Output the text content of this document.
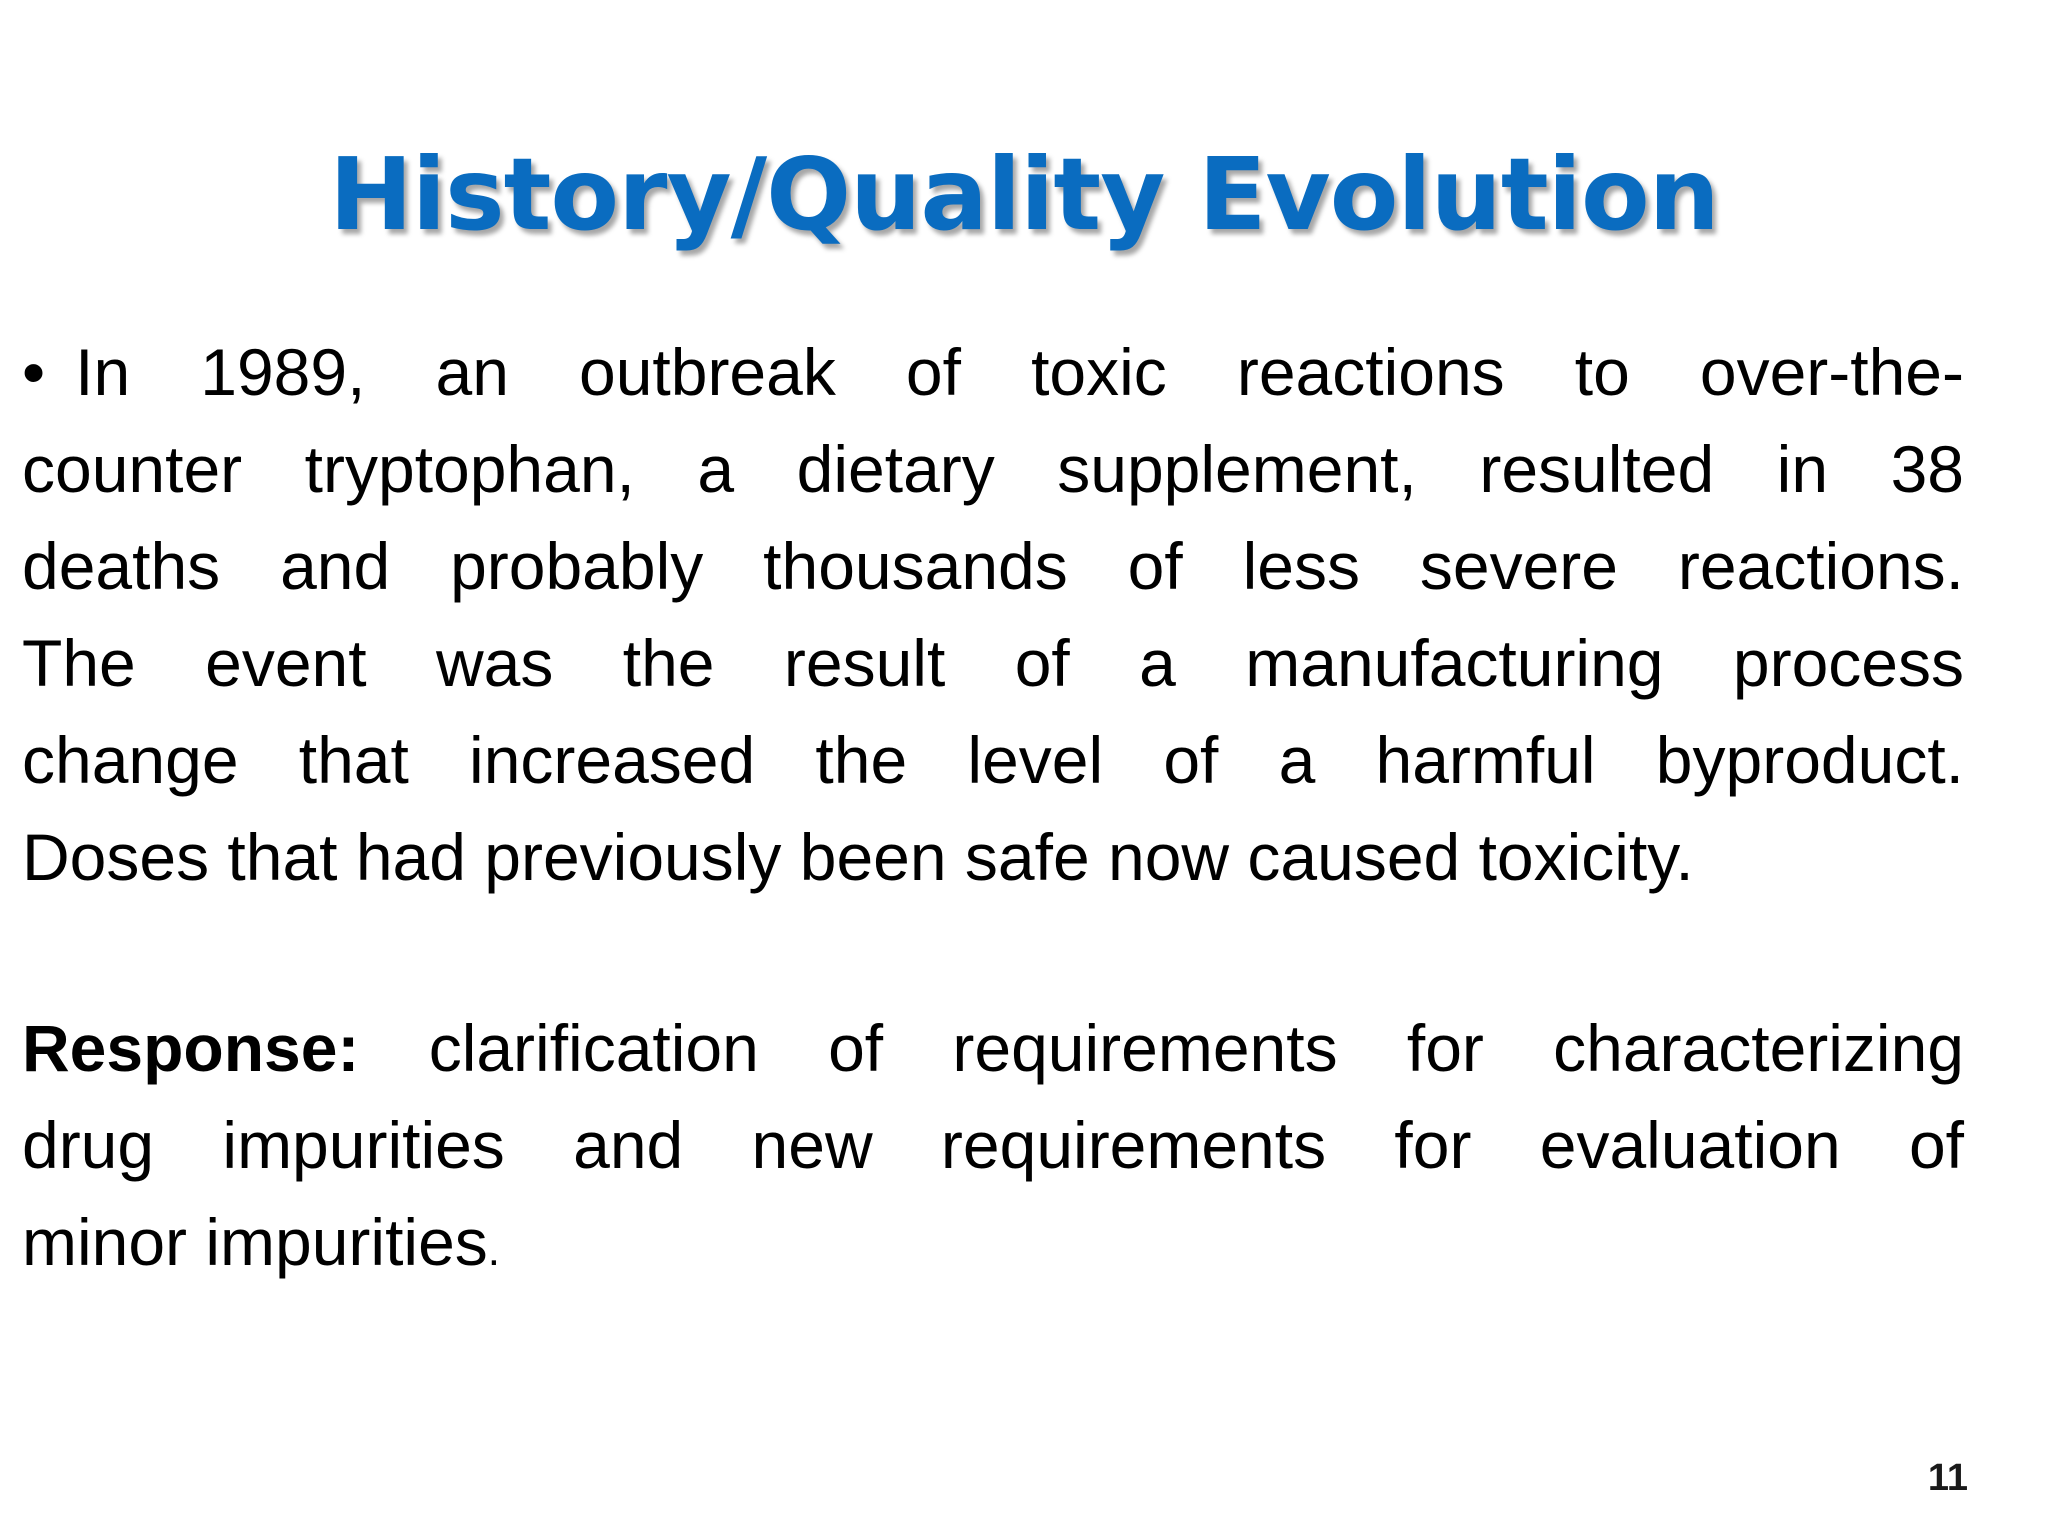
History/Quality Evolution
• In 1989, an outbreak of toxic reactions to over-the-
counter tryptophan, a dietary supplement, resulted in 38
deaths and probably thousands of less severe reactions.
The event was the result of a manufacturing process
change that increased the level of a harmful byproduct.
Doses that had previously been safe now caused toxicity.
Response: clarification of requirements for characterizing
drug impurities and new requirements for evaluation of
minor impurities.
11
